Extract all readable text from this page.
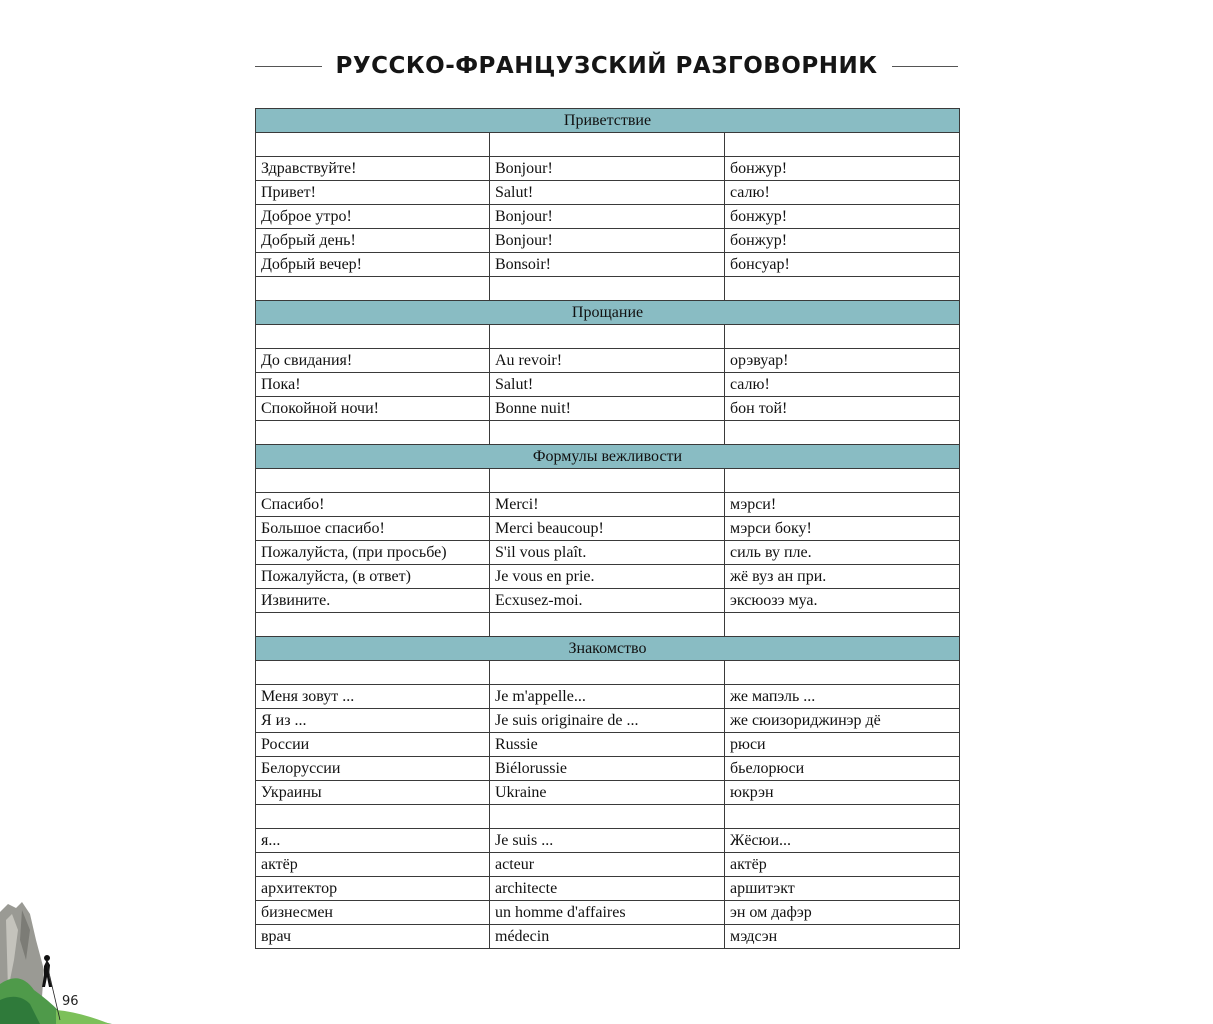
РУССКО-ФРАНЦУЗСКИЙ РАЗГОВОРНИК
Приветствие		

Здравствуйте!	Bonjour!	бонжур!
Привет!	Salut!	салю!
Доброе утро!	Bonjour!	бонжур!
Добрый день!	Bonjour!	бонжур!
Добрый вечер!	Bonsoir!	бонсуар!

Прощание		

До свидания!	Au revoir!	орэвуар!
Пока!	Salut!	салю!
Спокойной ночи!	Bonne nuit!	бон той!

Формулы вежливости		

Спасибо!	Merci!	мэрси!
Большое спасибо!	Merci beaucoup!	мэрси боку!
Пожалуйста, (при просьбе)	S'il vous plaît.	силь ву пле.
Пожалуйста, (в ответ)	Je vous en prie.	жё вуз ан при.
Извините.	Ecxusez-moi.	эксюозэ муа.

Знакомство		

Меня зовут ...	Je m'appelle...	же мапэль ...
Я из ...	Je suis originaire de ...	же сюизориджинэр дё
России	Russie	рюси
Белоруссии	Biélorussie	бьелорюси
Украины	Ukraine	юкрэн

я...	Je suis ...	Жёсюи...
актёр	acteur	актёр
архитектор	architecte	аршитэкт
бизнесмен	un homme d'affaires	эн ом дафэр
врач	médecin	мэдсэн
96
